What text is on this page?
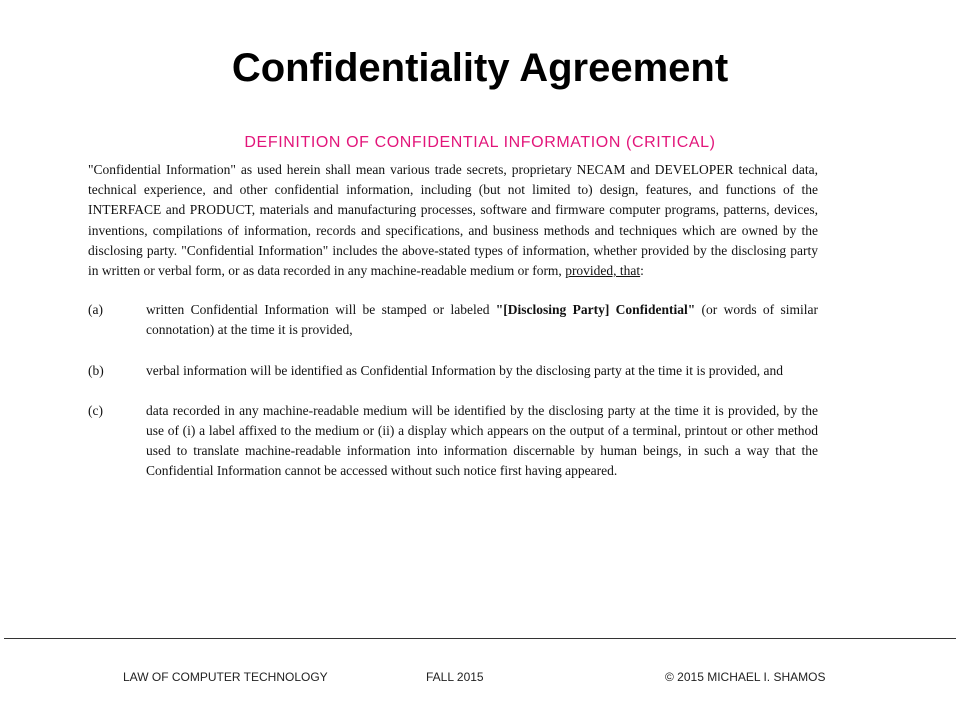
Confidentiality Agreement
DEFINITION OF CONFIDENTIAL INFORMATION (CRITICAL)

"Confidential Information" as used herein shall mean various trade secrets, proprietary NECAM and DEVELOPER technical data, technical experience, and other confidential information, including (but not limited to) design, features, and functions of the INTERFACE and PRODUCT, materials and manufacturing processes, software and firmware computer programs, patterns, devices, inventions, compilations of information, records and specifications, and business methods and techniques which are owned by the disclosing party. "Confidential Information" includes the above-stated types of information, whether provided by the disclosing party in written or verbal form, or as data recorded in any machine-readable medium or form, provided, that:

(a)	written Confidential Information will be stamped or labeled "[Disclosing Party] Confidential" (or words of similar connotation) at the time it is provided,
(b)	verbal information will be identified as Confidential Information by the disclosing party at the time it is provided, and
(c)	data recorded in any machine-readable medium will be identified by the disclosing party at the time it is provided, by the use of (i) a label affixed to the medium or (ii) a display which appears on the output of a terminal, printout or other method used to translate machine-readable information into information discernable by human beings, in such a way that the Confidential Information cannot be accessed without such notice first having appeared.
LAW OF COMPUTER TECHNOLOGY	FALL 2015	© 2015 MICHAEL I. SHAMOS
